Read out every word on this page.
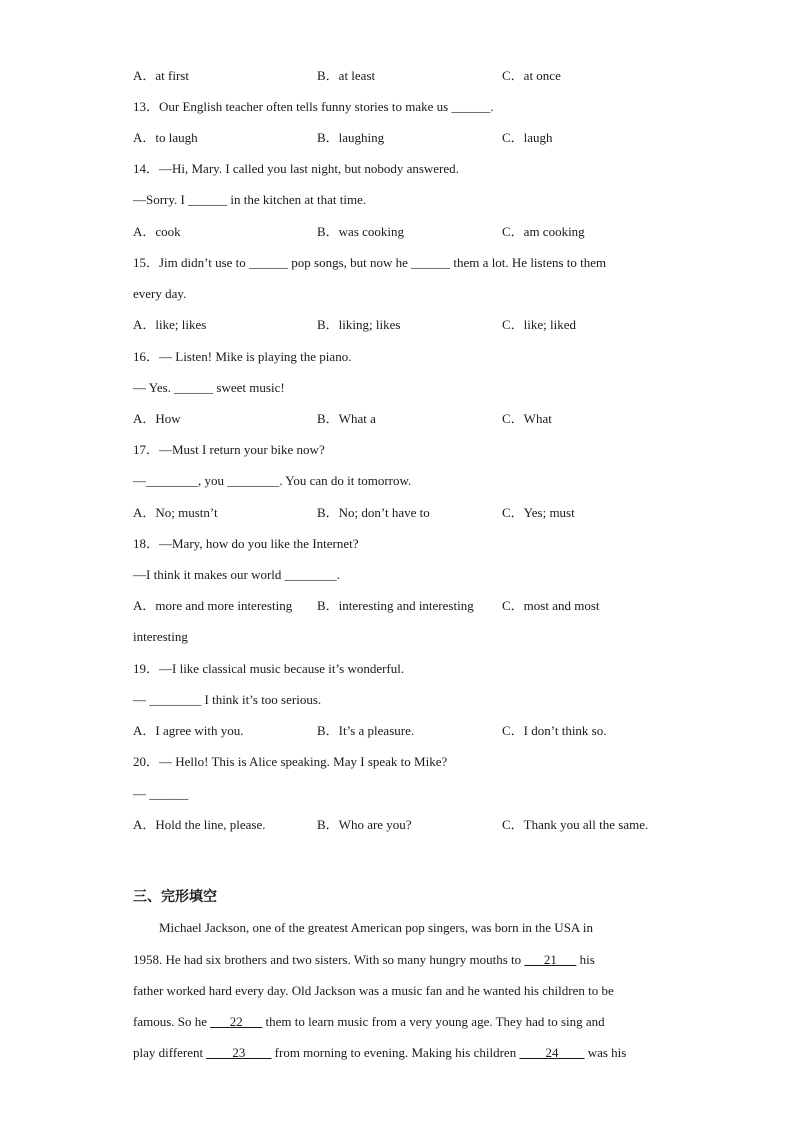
A．at first	B．at least	C．at once
13．Our English teacher often tells funny stories to make us ______.
A．to laugh	B．laughing	C．laugh
14．—Hi, Mary. I called you last night, but nobody answered.
—Sorry. I ______ in the kitchen at that time.
A．cook	B．was cooking	C．am cooking
15．Jim didn’t use to ______ pop songs, but now he ______ them a lot. He listens to them
every day.
A．like; likes	B．liking; likes	C．like; liked
16．— Listen! Mike is playing the piano.
— Yes. ______ sweet music!
A．How	B．What a	C．What
17．—Must I return your bike now?
—________, you ________. You can do it tomorrow.
A．No; mustn’t	B．No; don’t have to	C．Yes; must
18．—Mary, how do you like the Internet?
—I think it makes our world ________.
A．more and more interesting B．interesting and interesting C．most and most
interesting
19．—I like classical music because it’s wonderful.
— ________ I think it’s too serious.
A．I agree with you.	B．It’s a pleasure.	C．I don’t think so.
20．— Hello! This is Alice speaking. May I speak to Mike?
— ______
A．Hold the line, please.	B．Who are you?	C．Thank you all the same.
三、完形填空
Michael Jackson, one of the greatest American pop singers, was born in the USA in
1958. He had six brothers and two sisters. With so many hungry mouths to ___21___ his
father worked hard every day. Old Jackson was a music fan and he wanted his children to be
famous. So he ___22___ them to learn music from a very young age. They had to sing and
play different ____23____ from morning to evening. Making his children ____24____ was his
